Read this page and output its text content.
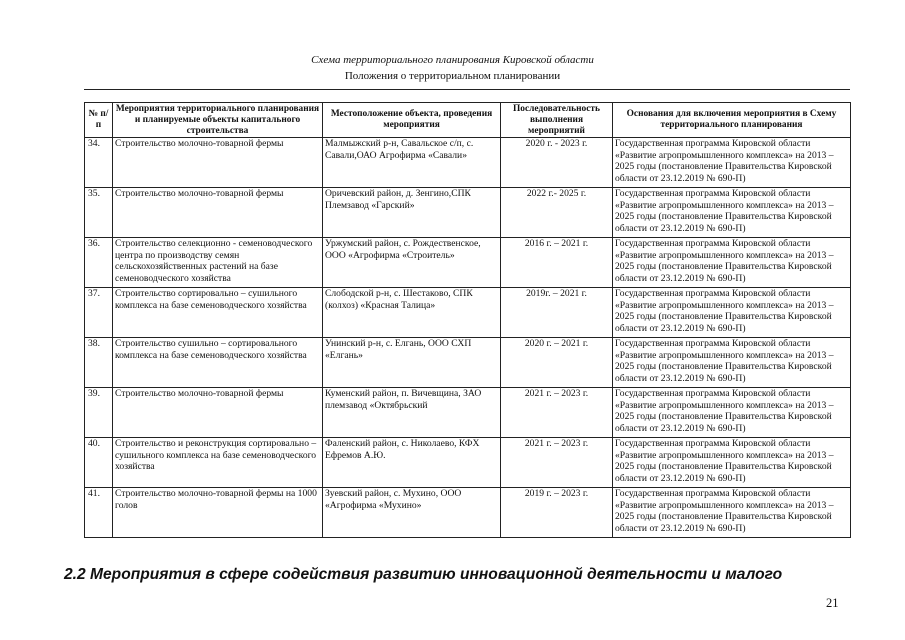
Схема территориального планирования Кировской области
Положения о территориальном планировании
№ п/п	Мероприятия территориального планирования и планируемые объекты капитального строительства	Местоположение объекта, проведения мероприятия	Последовательность выполнения мероприятий	Основания для включения мероприятия в Схему территориального планирования
34.	Строительство молочно-товарной фермы	Малмыжский р-н, Савальское с/п, с. Савали,ОАО Агрофирма «Савали»	2020 г. - 2023 г.	Государственная программа Кировской области «Развитие агропромышленного комплекса» на 2013 – 2025 годы (постановление Правительства Кировской области от 23.12.2019 № 690-П)
35.	Строительство молочно-товарной фермы	Оричевский район, д. Зенгино,СПК Племзавод «Гарский»	2022 г.- 2025 г.	Государственная программа Кировской области «Развитие агропромышленного комплекса» на 2013 – 2025 годы (постановление Правительства Кировской области от 23.12.2019 № 690-П)
36.	Строительство селекционно - семеноводческого центра по производству семян сельскохозяйственных растений на базе семеноводческого хозяйства	Уржумский район, с. Рождественское, ООО «Агрофирма «Строитель»	2016 г. – 2021 г.	Государственная программа Кировской области «Развитие агропромышленного комплекса» на 2013 – 2025 годы (постановление Правительства Кировской области от 23.12.2019 № 690-П)
37.	Строительство сортировально – сушильного комплекса на базе семеноводческого хозяйства	Слободской р-н, с. Шестаково, СПК (колхоз) «Красная Талица»	2019г. – 2021 г.	Государственная программа Кировской области «Развитие агропромышленного комплекса» на 2013 – 2025 годы (постановление Правительства Кировской области от 23.12.2019 № 690-П)
38.	Строительство сушильно – сортировального комплекса на базе семеноводческого хозяйства	Унинский р-н, с. Елгань, ООО СХП «Елгань»	2020 г. – 2021 г.	Государственная программа Кировской области «Развитие агропромышленного комплекса» на 2013 – 2025 годы (постановление Правительства Кировской области от 23.12.2019 № 690-П)
39.	Строительство молочно-товарной фермы	Куменский район, п. Вичевщина, ЗАО племзавод «Октябрьский	2021 г. – 2023 г.	Государственная программа Кировской области «Развитие агропромышленного комплекса» на 2013 – 2025 годы (постановление Правительства Кировской области от 23.12.2019 № 690-П)
40.	Строительство и реконструкция сортировально – сушильного комплекса на базе семеноводческого хозяйства	Фаленский район, с. Николаево, КФХ Ефремов А.Ю.	2021 г. – 2023 г.	Государственная программа Кировской области «Развитие агропромышленного комплекса» на 2013 – 2025 годы (постановление Правительства Кировской области от 23.12.2019 № 690-П)
41.	Строительство молочно-товарной фермы на 1000 голов	Зуевский район, с. Мухино, ООО «Агрофирма «Мухино»	2019 г. – 2023 г.	Государственная программа Кировской области «Развитие агропромышленного комплекса» на 2013 – 2025 годы (постановление Правительства Кировской области от 23.12.2019 № 690-П)
2.2 Мероприятия в сфере содействия развитию инновационной деятельности и малого
21
